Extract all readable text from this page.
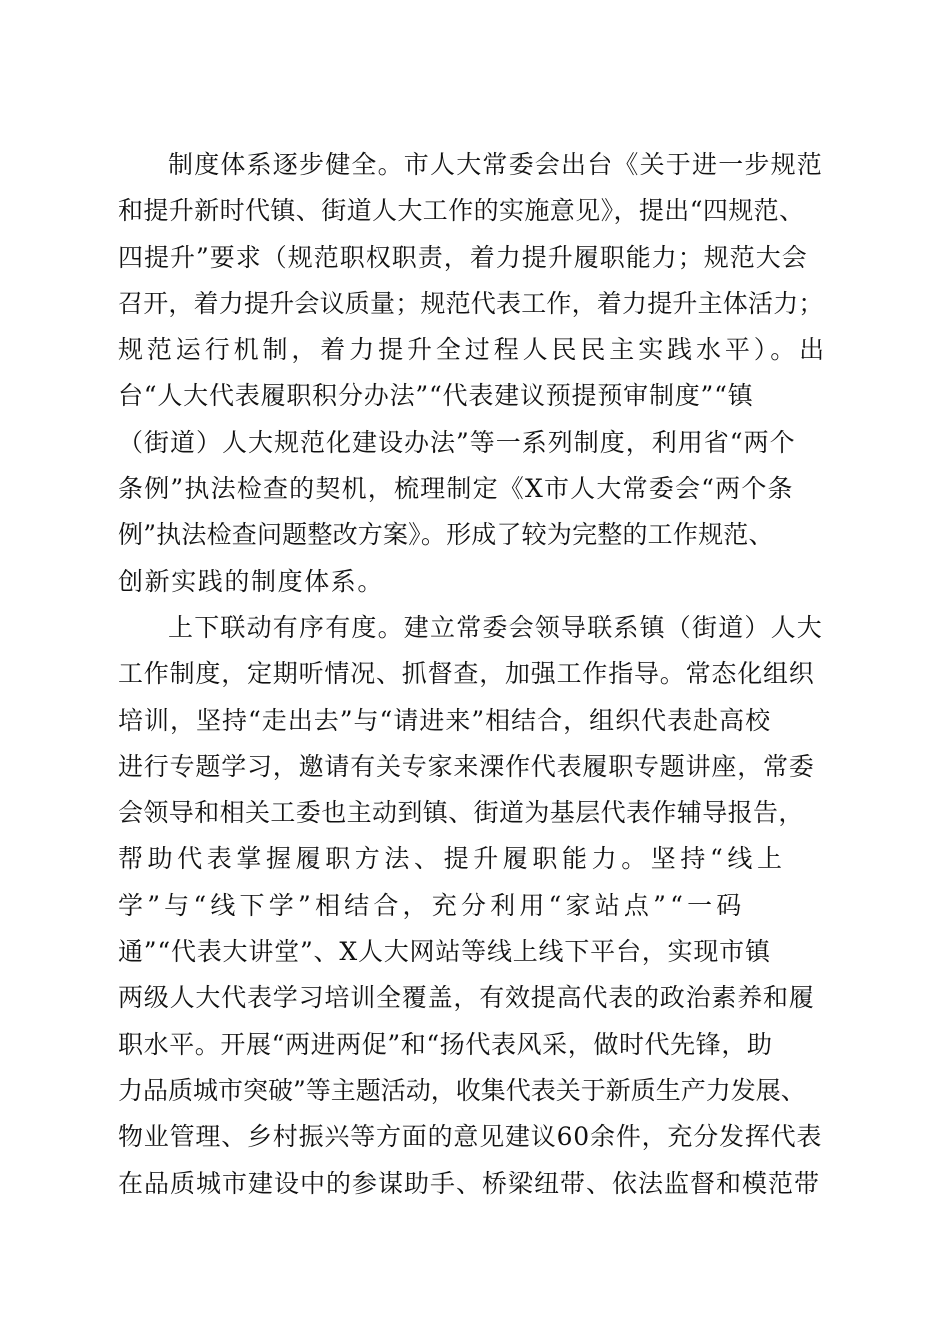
制度体系逐步健全。市人大常委会出台《关于进一步规范
和提升新时代镇、街道人大工作的实施意见》，提出“四规范、
四提升”要求（规范职权职责，着力提升履职能力；规范大会
召开，着力提升会议质量；规范代表工作，着力提升主体活力；
规范运行机制，着力提升全过程人民民主实践水平）。出
台“人大代表履职积分办法”“代表建议预提预审制度”“镇
（街道）人大规范化建设办法”等一系列制度，利用省“两个
条例”执法检查的契机，梳理制定《X市人大常委会“两个条
例”执法检查问题整改方案》。形成了较为完整的工作规范、
创新实践的制度体系。
上下联动有序有度。建立常委会领导联系镇（街道）人大
工作制度，定期听情况、抓督查，加强工作指导。常态化组织
培训，坚持“走出去”与“请进来”相结合，组织代表赴高校
进行专题学习，邀请有关专家来溧作代表履职专题讲座，常委
会领导和相关工委也主动到镇、街道为基层代表作辅导报告，
帮助代表掌握履职方法、提升履职能力。坚持“线上
学”与“线下学”相结合，充分利用“家站点”“一码
通”“代表大讲堂”、X人大网站等线上线下平台，实现市镇
两级人大代表学习培训全覆盖，有效提高代表的政治素养和履
职水平。开展“两进两促”和“扬代表风采，做时代先锋，助
力品质城市突破”等主题活动，收集代表关于新质生产力发展、
物业管理、乡村振兴等方面的意见建议60余件，充分发挥代表
在品质城市建设中的参谋助手、桥梁纽带、依法监督和模范带
